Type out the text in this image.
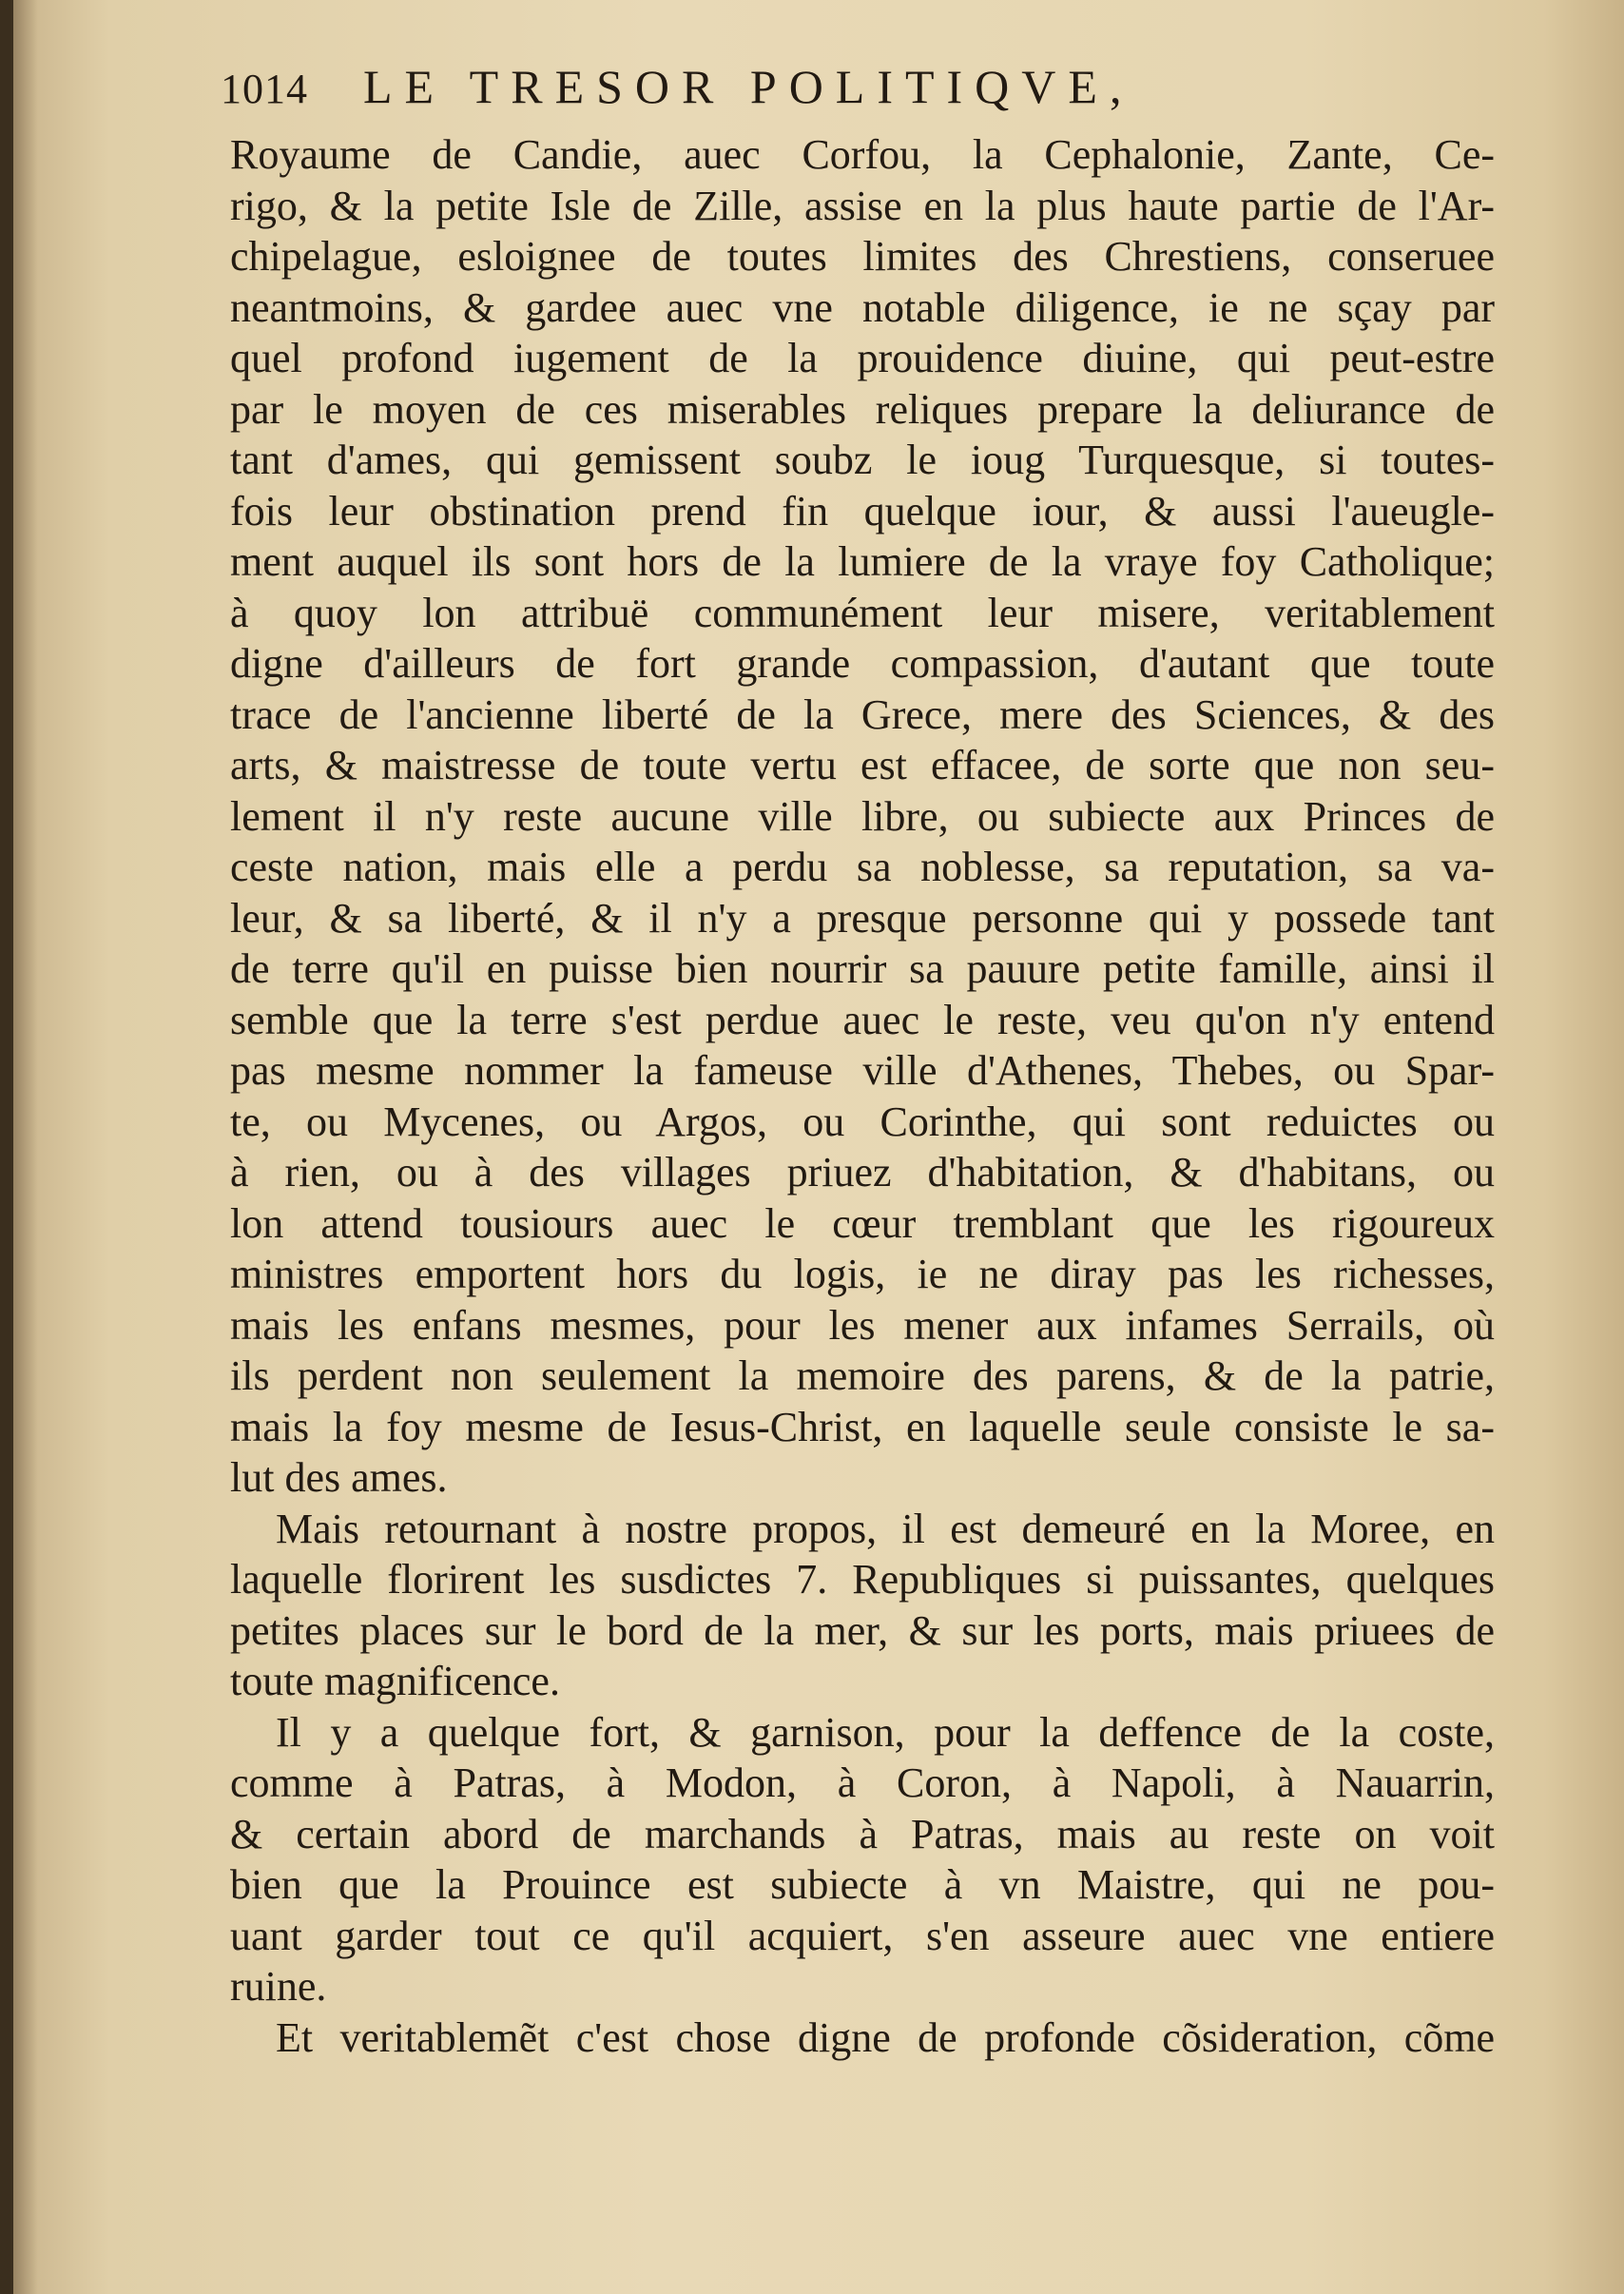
1014	LE TRESOR POLITIQVE,
Royaume de Candie, auec Corfou, la Cephalonie, Zante, Ce-
rigo, & la petite Isle de Zille, assise en la plus haute partie de l'Ar-
chipelague, esloignee de toutes limites des Chrestiens, conseruee
neantmoins, & gardee auec vne notable diligence, ie ne sçay par
quel profond iugement de la prouidence diuine, qui peut-estre
par le moyen de ces miserables reliques prepare la deliurance de
tant d'ames, qui gemissent soubz le ioug Turquesque, si toutes-
fois leur obstination prend fin quelque iour, & aussi l'aueugle-
ment auquel ils sont hors de la lumiere de la vraye foy Catholique;
à quoy lon attribuë communément leur misere, veritablement
digne d'ailleurs de fort grande compassion, d'autant que toute
trace de l'ancienne liberté de la Grece, mere des Sciences, & des
arts, & maistresse de toute vertu est effacee, de sorte que non seu-
lement il n'y reste aucune ville libre, ou subiecte aux Princes de
ceste nation, mais elle a perdu sa noblesse, sa reputation, sa va-
leur, & sa liberté, & il n'y a presque personne qui y possede tant
de terre qu'il en puisse bien nourrir sa pauure petite famille, ainsi il
semble que la terre s'est perdue auec le reste, veu qu'on n'y entend
pas mesme nommer la fameuse ville d'Athenes, Thebes, ou Spar-
te, ou Mycenes, ou Argos, ou Corinthe, qui sont reduictes ou
à rien, ou à des villages priuez d'habitation, & d'habitans, ou
lon attend tousiours auec le cœur tremblant que les rigoureux
ministres emportent hors du logis, ie ne diray pas les richesses,
mais les enfans mesmes, pour les mener aux infames Serrails, où
ils perdent non seulement la memoire des parens, & de la patrie,
mais la foy mesme de Iesus-Christ, en laquelle seule consiste le sa-
lut des ames.
Mais retournant à nostre propos, il est demeuré en la Moree, en
laquelle florirent les susdictes 7. Republiques si puissantes, quelques
petites places sur le bord de la mer, & sur les ports, mais priuees de
toute magnificence.
Il y a quelque fort, & garnison, pour la deffence de la coste,
comme à Patras, à Modon, à Coron, à Napoli, à Nauarrin,
& certain abord de marchands à Patras, mais au reste on voit
bien que la Prouince est subiecte à vn Maistre, qui ne pou-
uant garder tout ce qu'il acquiert, s'en asseure auec vne entiere
ruine.
Et veritablemẽt c'est chose digne de profonde cõsideration, cõme
